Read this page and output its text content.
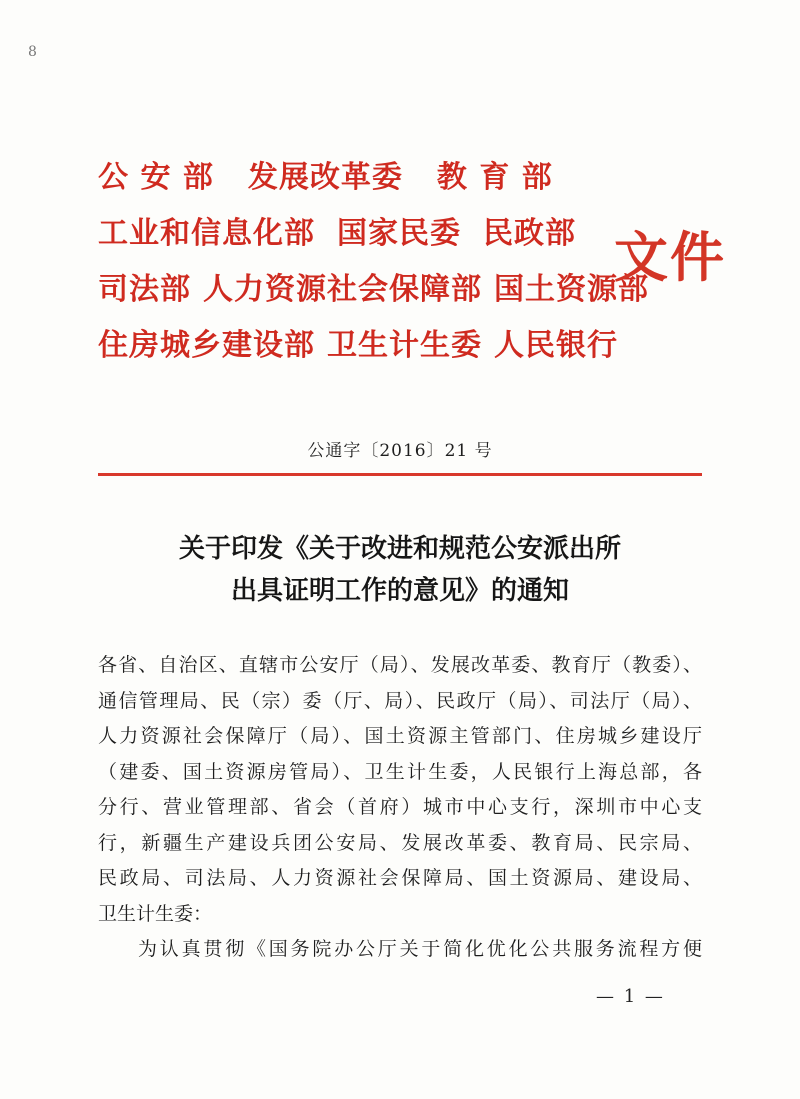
8
公 安 部 发展改革委 教 育 部
工业和信息化部 国家民委 民政部
司法部 人力资源社会保障部 国土资源部
住房城乡建设部 卫生计生委 人民银行
文件
公通字〔2016〕21 号
关于印发《关于改进和规范公安派出所
出具证明工作的意见》的通知
各省、自治区、直辖市公安厅（局）、发展改革委、教育厅（教委）、
通信管理局、民（宗）委（厅、局）、民政厅（局）、司法厅（局）、
人力资源社会保障厅（局）、国土资源主管部门、住房城乡建设厅
（建委、国土资源房管局）、卫生计生委，人民银行上海总部，各
分行、营业管理部、省会（首府）城市中心支行，深圳市中心支
行，新疆生产建设兵团公安局、发展改革委、教育局、民宗局、
民政局、司法局、人力资源社会保障局、国土资源局、建设局、
卫生计生委：
为认真贯彻《国务院办公厅关于简化优化公共服务流程方便
— 1 —
